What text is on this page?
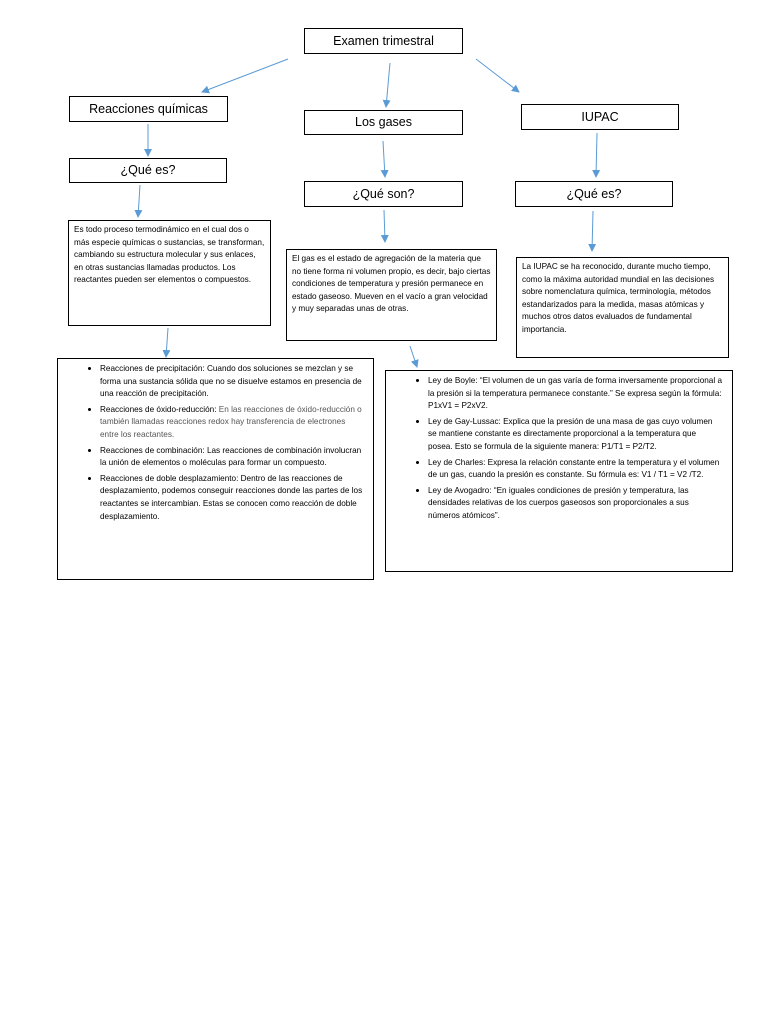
Examen trimestral
Reacciones químicas
¿Qué es?
Es todo proceso termodinámico en el cual dos o más especie químicas o sustancias, se transforman, cambiando su estructura molecular y sus enlaces, en otras sustancias llamadas productos. Los reactantes pueden ser elementos o compuestos.
• Reacciones de precipitación: Cuando dos soluciones se mezclan y se forma una sustancia sólida que no se disuelve estamos en presencia de una reacción de precipitación.
• Reacciones de óxido-reducción: En las reacciones de óxido-reducción o también llamadas reacciones redox hay transferencia de electrones entre los reactantes.
• Reacciones de combinación: Las reacciones de combinación involucran la unión de elementos o moléculas para formar un compuesto.
• Reacciones de doble desplazamiento: Dentro de las reacciones de desplazamiento, podemos conseguir reacciones donde las partes de los reactantes se intercambian. Estas se conocen como reacción de doble desplazamiento.
Los gases
¿Qué son?
El gas es el estado de agregación de la materia que no tiene forma ni volumen propio, es decir, bajo ciertas condiciones de temperatura y presión permanece en estado gaseoso. Mueven en el vacío a gran velocidad y muy separadas unas de otras.
• Ley de Boyle: “El volumen de un gas varía de forma inversamente proporcional a la presión si la temperatura permanece constante.” Se expresa según la fórmula: P1xV1 = P2xV2.
• Ley de Gay-Lussac: Explica que la presión de una masa de gas cuyo volumen se mantiene constante es directamente proporcional a la temperatura que posea. Esto se formula de la siguiente manera: P1/T1 = P2/T2.
• Ley de Charles: Expresa la relación constante entre la temperatura y el volumen de un gas, cuando la presión es constante. Su fórmula es: V1 / T1 = V2 /T2.
• Ley de Avogadro: “En iguales condiciones de presión y temperatura, las densidades relativas de los cuerpos gaseosos son proporcionales a sus números atómicos”.
IUPAC
¿Qué es?
La IUPAC se ha reconocido, durante mucho tiempo, como la máxima autoridad mundial en las decisiones sobre nomenclatura química, terminología, métodos estandarizados para la medida, masas atómicas y muchos otros datos evaluados de fundamental importancia.
